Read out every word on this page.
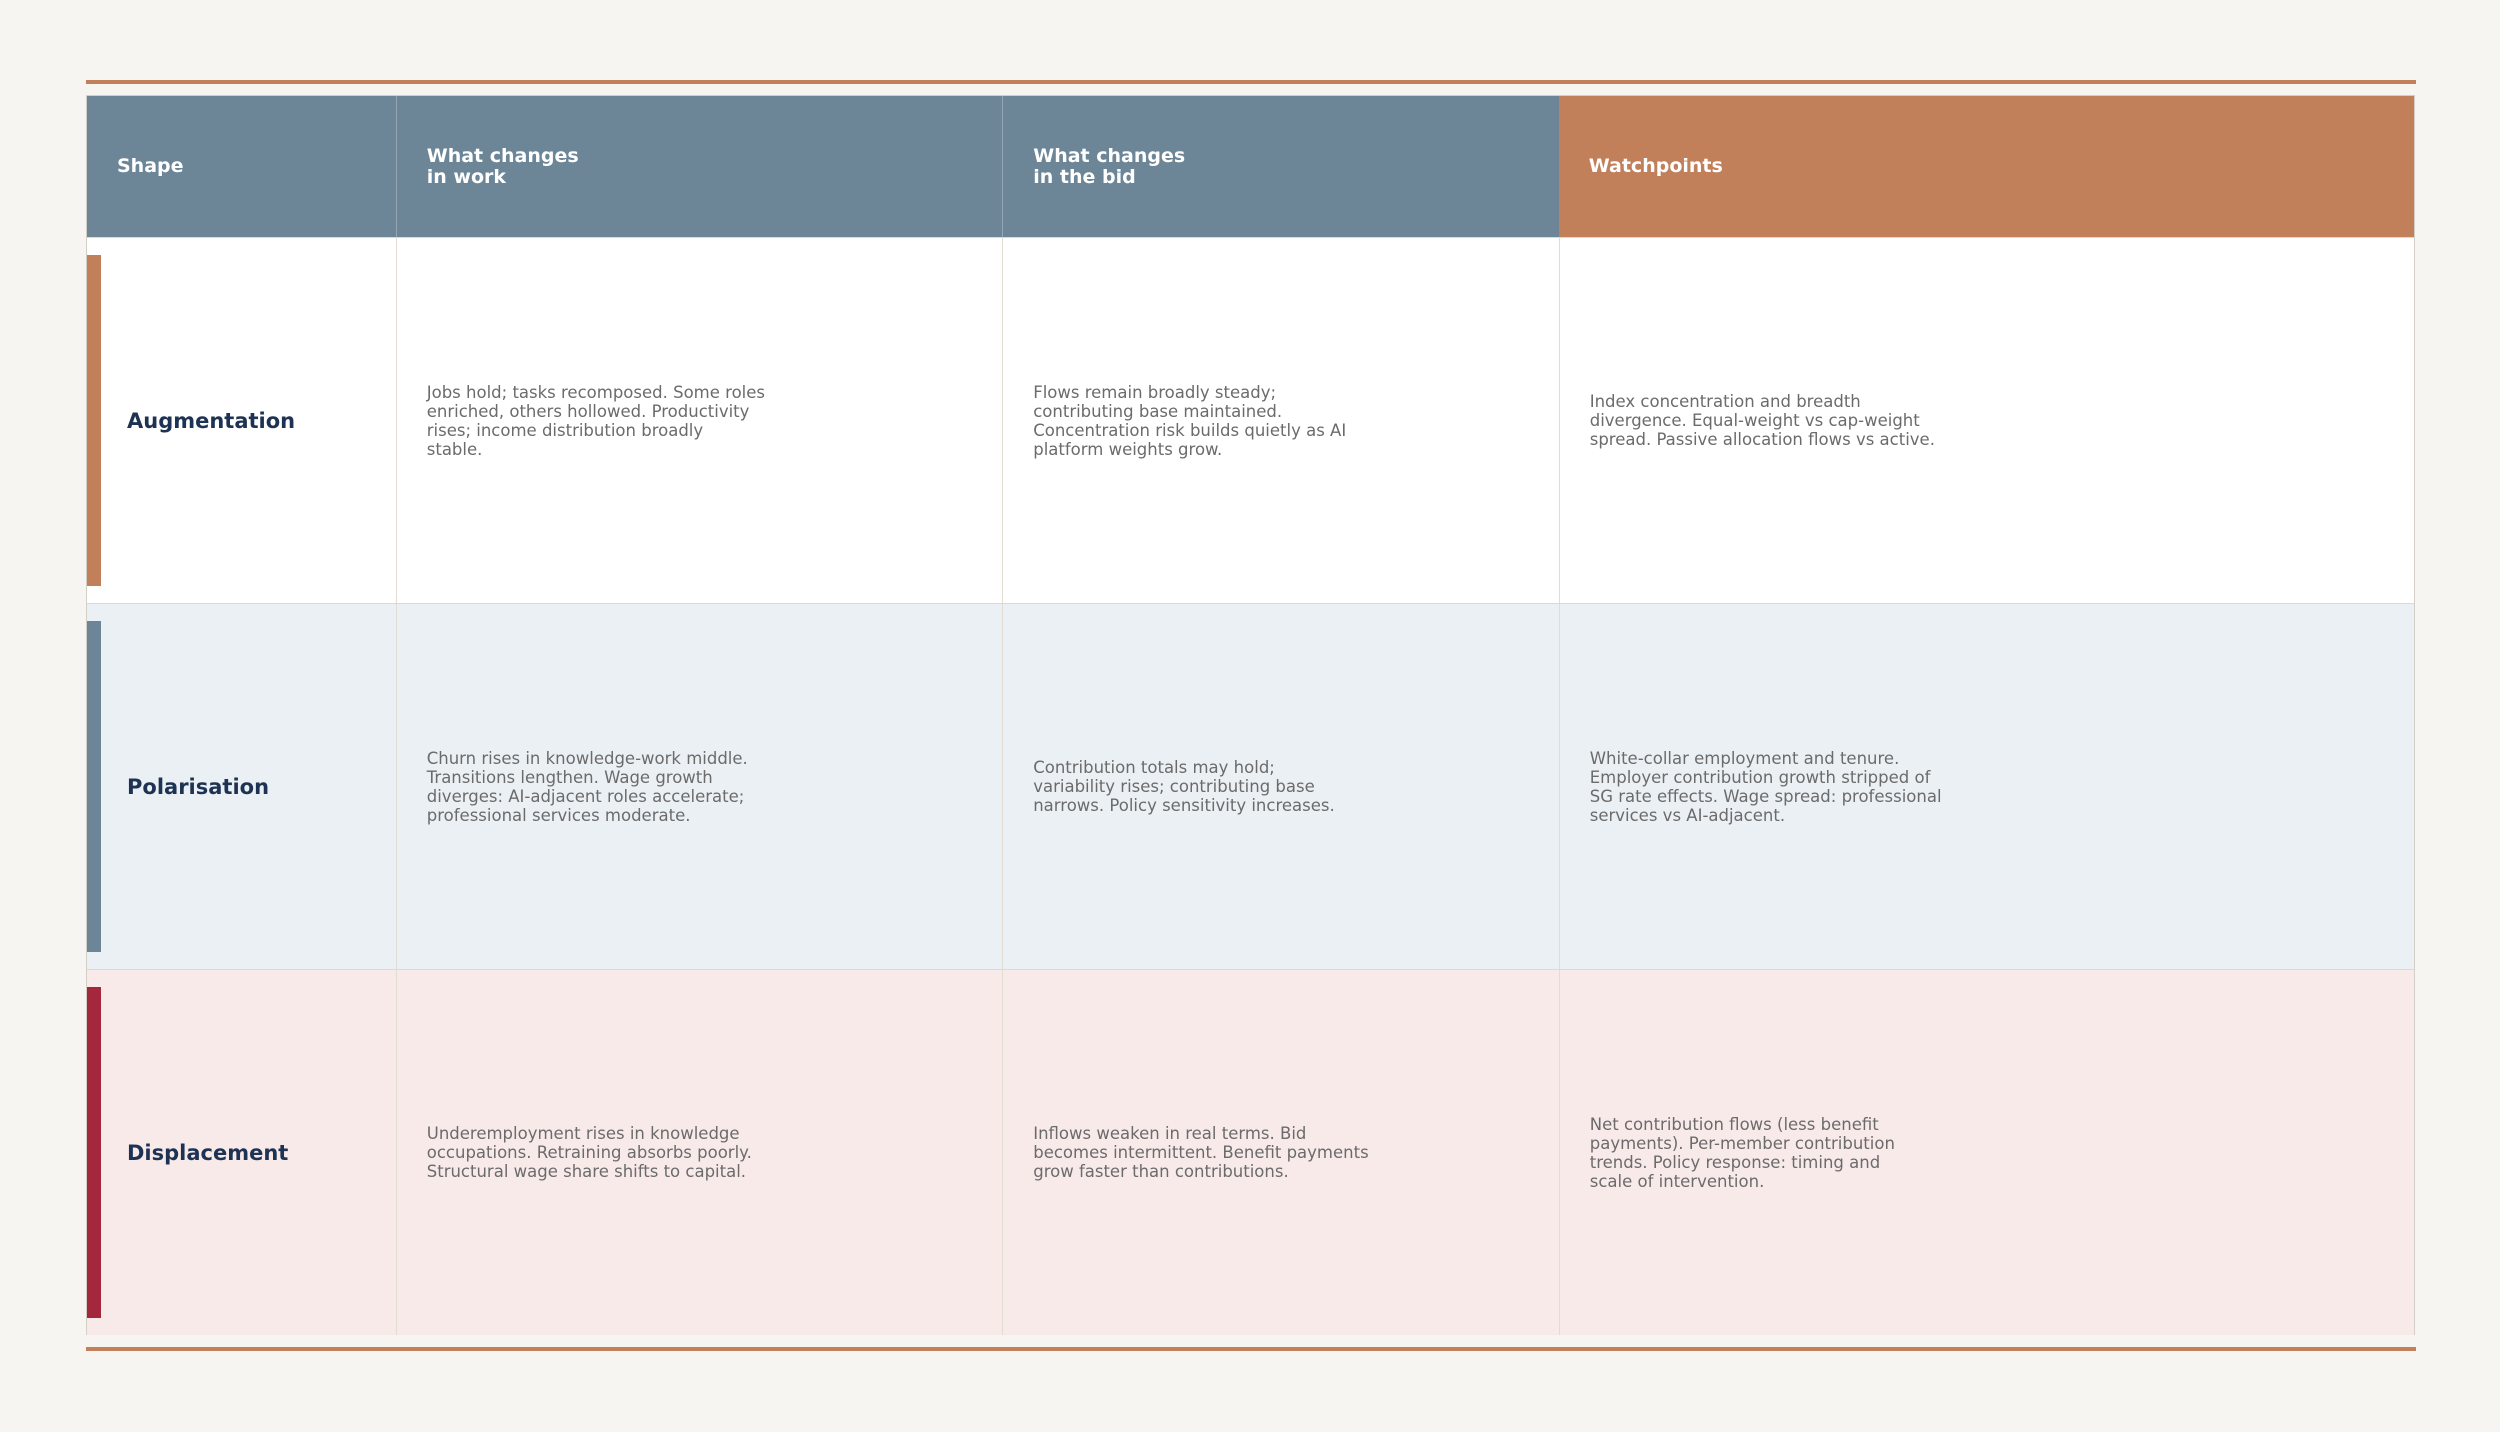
Shape	What changes
in work
What changes
in the bid	Watchpoints
Augmentation
Jobs hold; tasks recomposed. Some roles
enriched, others hollowed. Productivity
rises; income distribution broadly
stable.
Flows remain broadly steady;
contributing base maintained.
Concentration risk builds quietly as AI
platform weights grow.
Index concentration and breadth
divergence. Equal-weight vs cap-weight
spread. Passive allocation flows vs active.
Polarisation
Churn rises in knowledge-work middle.
Transitions lengthen. Wage growth
diverges: AI-adjacent roles accelerate;
professional services moderate.
Contribution totals may hold;
variability rises; contributing base
narrows. Policy sensitivity increases.
White-collar employment and tenure.
Employer contribution growth stripped of
SG rate effects. Wage spread: professional
services vs AI-adjacent.
Displacement
Underemployment rises in knowledge
occupations. Retraining absorbs poorly.
Structural wage share shifts to capital.
Inflows weaken in real terms. Bid
becomes intermittent. Benefit payments
grow faster than contributions.
Net contribution flows (less benefit
payments). Per-member contribution
trends. Policy response: timing and
scale of intervention.
